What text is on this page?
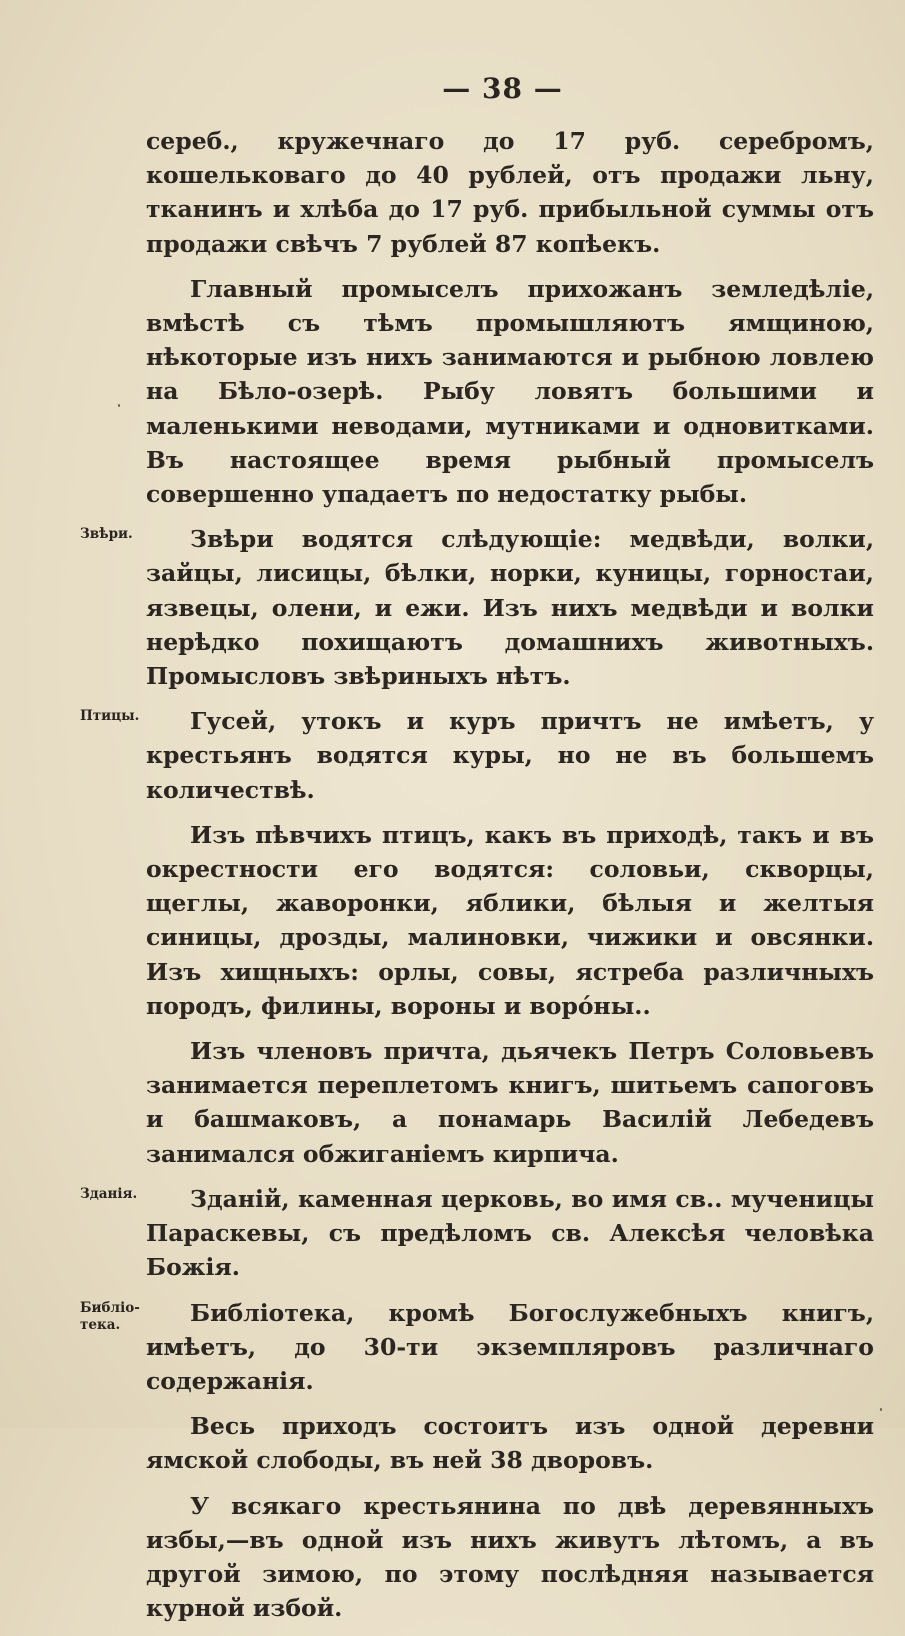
— 38 —

сереб., кружечнаго до 17 руб. серебромъ, кошельковаго до 40 рублей, отъ продажи льну, тканинъ и хлѣба до 17 руб. прибыльной суммы отъ продажи свѣчъ 7 рублей 87 копѣекъ.

Главный промыселъ прихожанъ земледѣліе, вмѣстѣ съ тѣмъ промышляютъ ямщиною, нѣкоторые изъ нихъ занимаются и рыбною ловлею на Бѣло-озерѣ. Рыбу ловятъ большими и маленькими неводами, мутниками и одновитками. Въ настоящее время рыбный промыселъ совершенно упадаетъ по недостатку рыбы.

Звѣри.	Звѣри водятся слѣдующіе: медвѣди, волки, зайцы, лисицы, бѣлки, норки, куницы, горностаи, язвецы, олени, и ежи. Изъ нихъ медвѣди и волки нерѣдко похищаютъ домашнихъ животныхъ. Промысловъ звѣриныхъ нѣтъ.

Птицы. Гусей, утокъ и куръ причтъ не имѣетъ, у крестьянъ водятся куры, но не въ большемъ количествѣ.

Изъ пѣвчихъ птицъ, какъ въ приходѣ, такъ и въ окрестности его водятся: соловьи, скворцы, щеглы, жаворонки, яблики, бѣлыя и желтыя синицы, дрозды, малиновки, чижики и овсянки. Изъ хищныхъ: орлы, совы, ястреба различныхъ породъ, филины, вороны и воро́ны..

Изъ членовъ причта, дьячекъ Петръ Соловьевъ занимается переплетомъ книгъ, шитьемъ сапоговъ и башмаковъ, а понамарь Василій Лебедевъ занимался обжиганіемъ кирпича.

Зданія. Зданій, каменная церковь, во имя св.. мученицы Параскевы, съ предѣломъ св. Алексѣя человѣка Божія.

Библіо-
тека.	Библіотека, кромѣ Богослужебныхъ книгъ, имѣетъ, до 30-ти экземпляровъ различнаго содержанія.

Весь приходъ состоитъ изъ одной деревни ямской слободы, въ ней 38 дворовъ.

У всякаго крестьянина по двѣ деревянныхъ избы,—въ одной изъ нихъ живутъ лѣтомъ, а въ другой зимою, по этому послѣдняя называется курной избой.
